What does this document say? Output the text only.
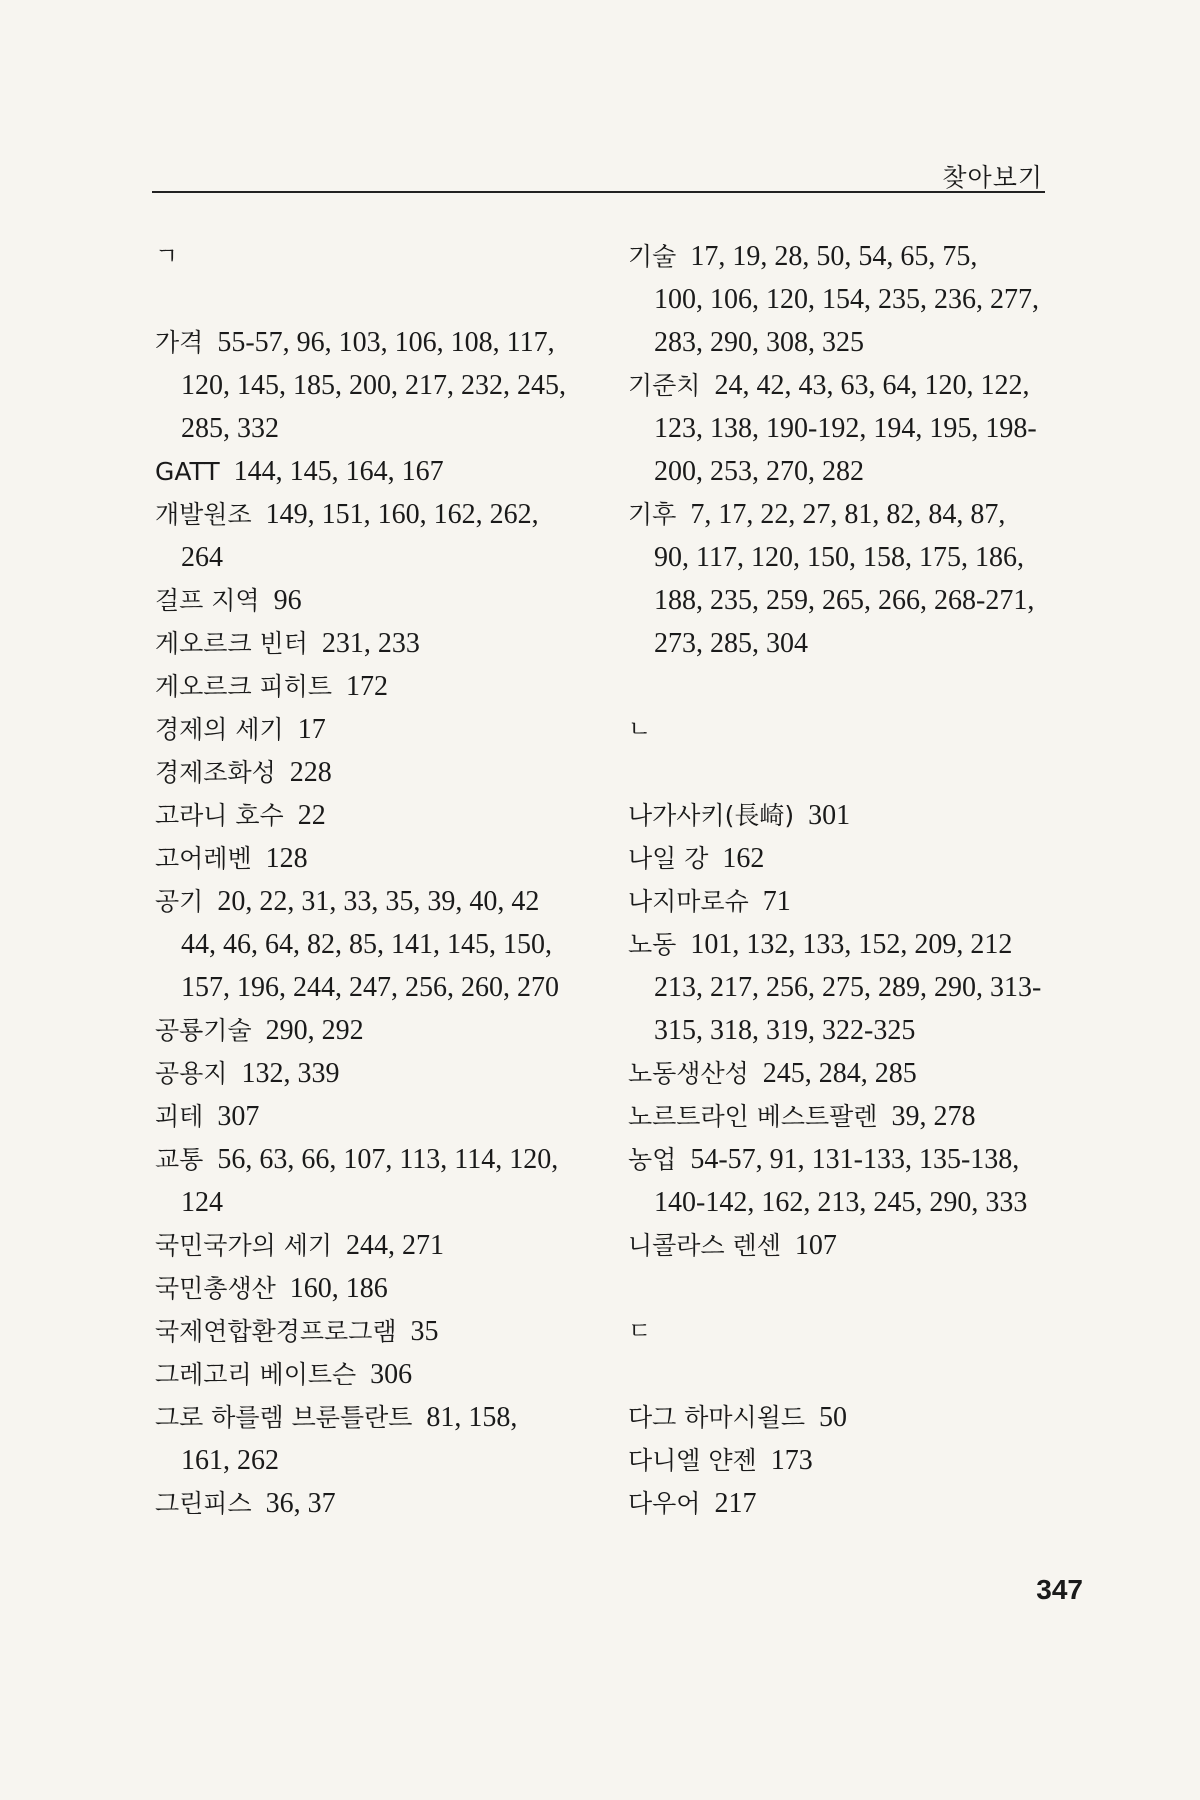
찾아보기
ㄱ
가격 55-57, 96, 103, 106, 108, 117,
120, 145, 185, 200, 217, 232, 245,
285, 332
GATT 144, 145, 164, 167
개발원조 149, 151, 160, 162, 262,
264
걸프 지역 96
게오르크 빈터 231, 233
게오르크 피히트 172
경제의 세기 17
경제조화성 228
고라니 호수 22
고어레벤 128
공기 20, 22, 31, 33, 35, 39, 40, 42
44, 46, 64, 82, 85, 141, 145, 150,
157, 196, 244, 247, 256, 260, 270
공룡기술 290, 292
공용지 132, 339
괴테 307
교통 56, 63, 66, 107, 113, 114, 120,
124
국민국가의 세기 244, 271
국민총생산 160, 186
국제연합환경프로그램 35
그레고리 베이트슨 306
그로 하를렘 브룬틀란트 81, 158,
161, 262
그린피스 36, 37
기술 17, 19, 28, 50, 54, 65, 75,
100, 106, 120, 154, 235, 236, 277,
283, 290, 308, 325
기준치 24, 42, 43, 63, 64, 120, 122,
123, 138, 190-192, 194, 195, 198-
200, 253, 270, 282
기후 7, 17, 22, 27, 81, 82, 84, 87,
90, 117, 120, 150, 158, 175, 186,
188, 235, 259, 265, 266, 268-271,
273, 285, 304
ㄴ
나가사키(長崎) 301
나일 강 162
나지마로슈 71
노동 101, 132, 133, 152, 209, 212
213, 217, 256, 275, 289, 290, 313-
315, 318, 319, 322-325
노동생산성 245, 284, 285
노르트라인 베스트팔렌 39, 278
농업 54-57, 91, 131-133, 135-138,
140-142, 162, 213, 245, 290, 333
니콜라스 렌센 107
ㄷ
다그 하마시욀드 50
다니엘 얀젠 173
다우어 217
347
